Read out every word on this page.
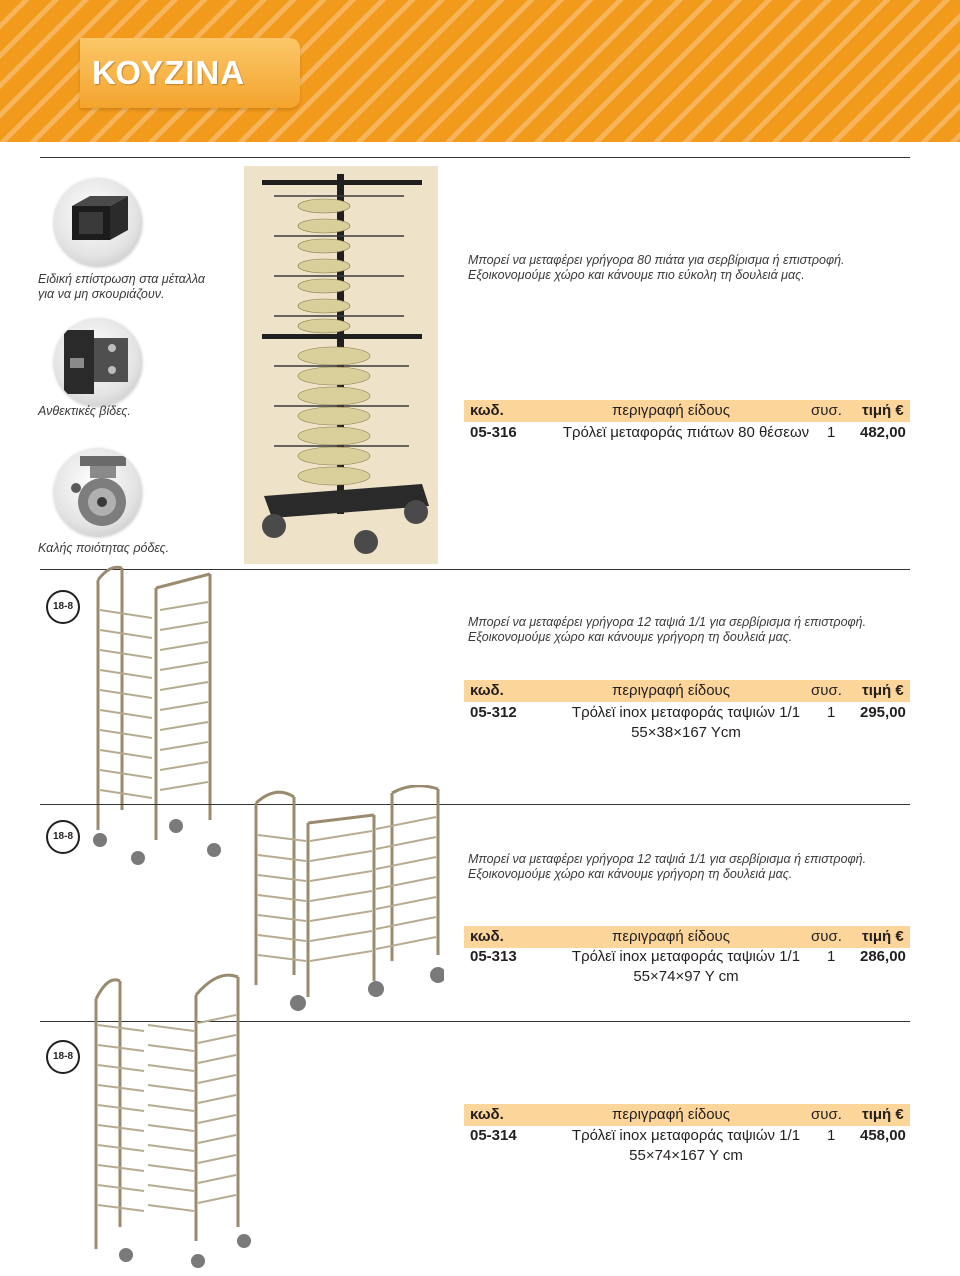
ΚΟΥΖΙΝΑ
Ειδική επίστρωση στα μέταλλα
για να μη σκουριάζουν.
Ανθεκτικές βίδες.
Καλής ποιότητας ρόδες.
Μπορεί να μεταφέρει γρήγορα 80 πιάτα για σερβίρισμα ή επιστροφή.
Εξοικονομούμε χώρο και κάνουμε πιο εύκολη τη δουλειά μας.
κωδ.	περιγραφή είδους	συσ. τιμή €
05-316	Τρόλεϊ μεταφοράς πιάτων 80 θέσεων	1 482,00
18-8
Μπορεί να μεταφέρει γρήγορα 12 ταψιά 1/1 για σερβίρισμα ή επιστροφή.
Εξοικονομούμε χώρο και κάνουμε γρήγορη τη δουλειά μας.
κωδ.	περιγραφή είδους	συσ. τιμή €
05-312	Τρόλεϊ inox μεταφοράς ταψιών 1/1
55×38×167 Ycm
1 295,00
18-8
Μπορεί να μεταφέρει γρήγορα 12 ταψιά 1/1 για σερβίρισμα ή επιστροφή.
Εξοικονομούμε χώρο και κάνουμε γρήγορη τη δουλειά μας.
κωδ.	περιγραφή είδους	συσ. τιμή €
05-313	Τρόλεϊ inox μεταφοράς ταψιών 1/1
55×74×97 Y cm
1 286,00
18-8
κωδ.	περιγραφή είδους	συσ. τιμή €
05-314	Τρόλεϊ inox μεταφοράς ταψιών 1/1
55×74×167 Y cm
1 458,00
